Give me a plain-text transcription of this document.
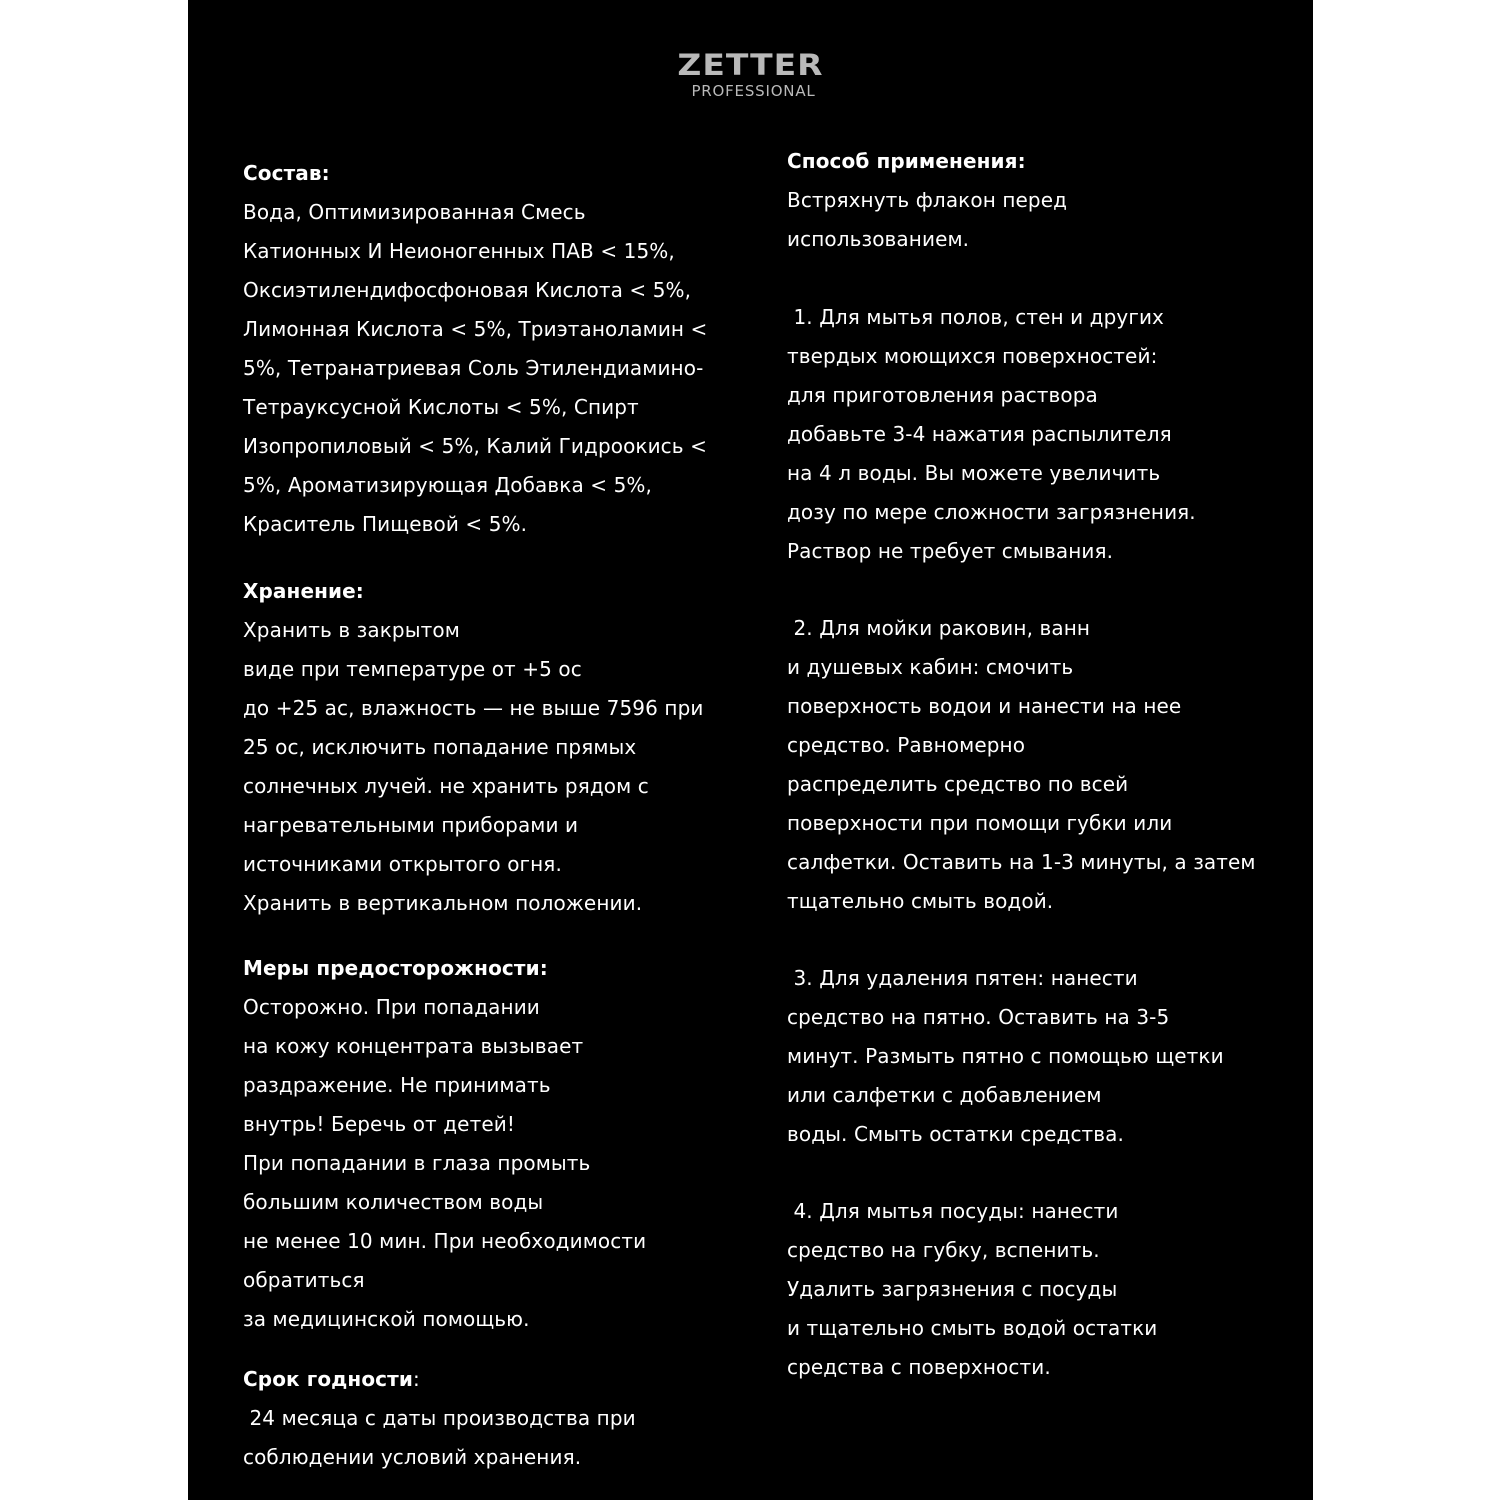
ZETTER
PROFESSIONAL
Состав:
Вода, Оптимизированная Смесь
Катионных И Неионогенных ПАВ < 15%,
Оксиэтилендифосфоновая Кислота < 5%,
Лимонная Кислота < 5%, Триэтаноламин <
5%, Тетранатриевая Соль Этилендиамино-
Тетрауксусной Кислоты < 5%, Спирт
Изопропиловый < 5%, Калий Гидроокись <
5%, Ароматизирующая Добавка < 5%,
Краситель Пищевой < 5%.
Хранение:
Хранить в закрытом
виде при температуре от +5 ос
до +25 ас, влажность — не выше 7596 при
25 ос, исключить попадание прямых
солнечных лучей. не хранить рядом с
нагревательными приборами и
источниками открытого огня.
Хранить в вертикальном положении.
Меры предосторожности:
Осторожно. При попадании
на кожу концентрата вызывает
раздражение. Не принимать
внутрь! Беречь от детей!
При попадании в глаза промыть
большим количеством воды
не менее 10 мин. При необходимости
обратиться
за медицинской помощью.
Срок годности:
24 месяца с даты производства при
соблюдении условий хранения.
Способ применения:
Встряхнуть флакон перед
использованием.
1. Для мытья полов, стен и других
твердых моющихся поверхностей:
для приготовления раствора
добавьте 3-4 нажатия распылителя
на 4 л воды. Вы можете увеличить
дозу по мере сложности загрязнения.
Раствор не требует смывания.
2. Для мойки раковин, ванн
и душевых кабин: смочить
поверхность водои и нанести на нее
средство. Равномерно
распределить средство по всей
поверхности при помощи губки или
салфетки. Оставить на 1-3 минуты, а затем
тщательно смыть водой.
3. Для удаления пятен: нанести
средство на пятно. Оставить на 3-5
минут. Размыть пятно с помощью щетки
или салфетки с добавлением
воды. Смыть остатки средства.
4. Для мытья посуды: нанести
средство на губку, вспенить.
Удалить загрязнения с посуды
и тщательно смыть водой остатки
средства с поверхности.
